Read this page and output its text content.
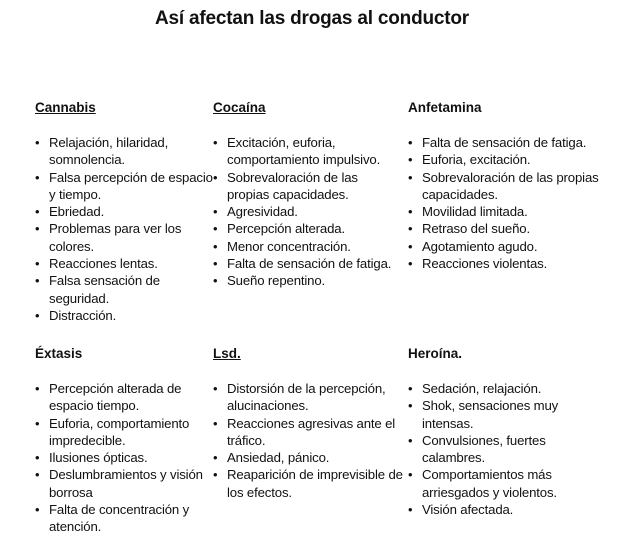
Así afectan las drogas al conductor

Cannabis

• Relajación, hilaridad, somnolencia.
• Falsa percepción de espacio y tiempo.
• Ebriedad.
• Problemas para ver los colores.
• Reacciones lentas.
• Falsa sensación de seguridad.
• Distracción.

Cocaína

• Excitación, euforia, comportamiento impulsivo.
• Sobrevaloración de las propias capacidades.
• Agresividad.
• Percepción alterada.
• Menor concentración.
• Falta de sensación de fatiga.
• Sueño repentino.

Anfetamina

• Falta de sensación de fatiga.
• Euforia, excitación.
• Sobrevaloración de las propias capacidades.
• Movilidad limitada.
• Retraso del sueño.
• Agotamiento agudo.
• Reacciones violentas.

Éxtasis

• Percepción alterada de espacio tiempo.
• Euforia, comportamiento impredecible.
• Ilusiones ópticas.
• Deslumbramientos y visión borrosa
• Falta de concentración y atención.

Lsd.

• Distorsión de la percepción, alucinaciones.
• Reacciones agresivas ante el tráfico.
• Ansiedad, pánico.
• Reaparición de imprevisible de los efectos.

Heroína.

• Sedación, relajación.
• Shok, sensaciones muy intensas.
• Convulsiones, fuertes calambres.
• Comportamientos más arriesgados y violentos.
• Visión afectada.
